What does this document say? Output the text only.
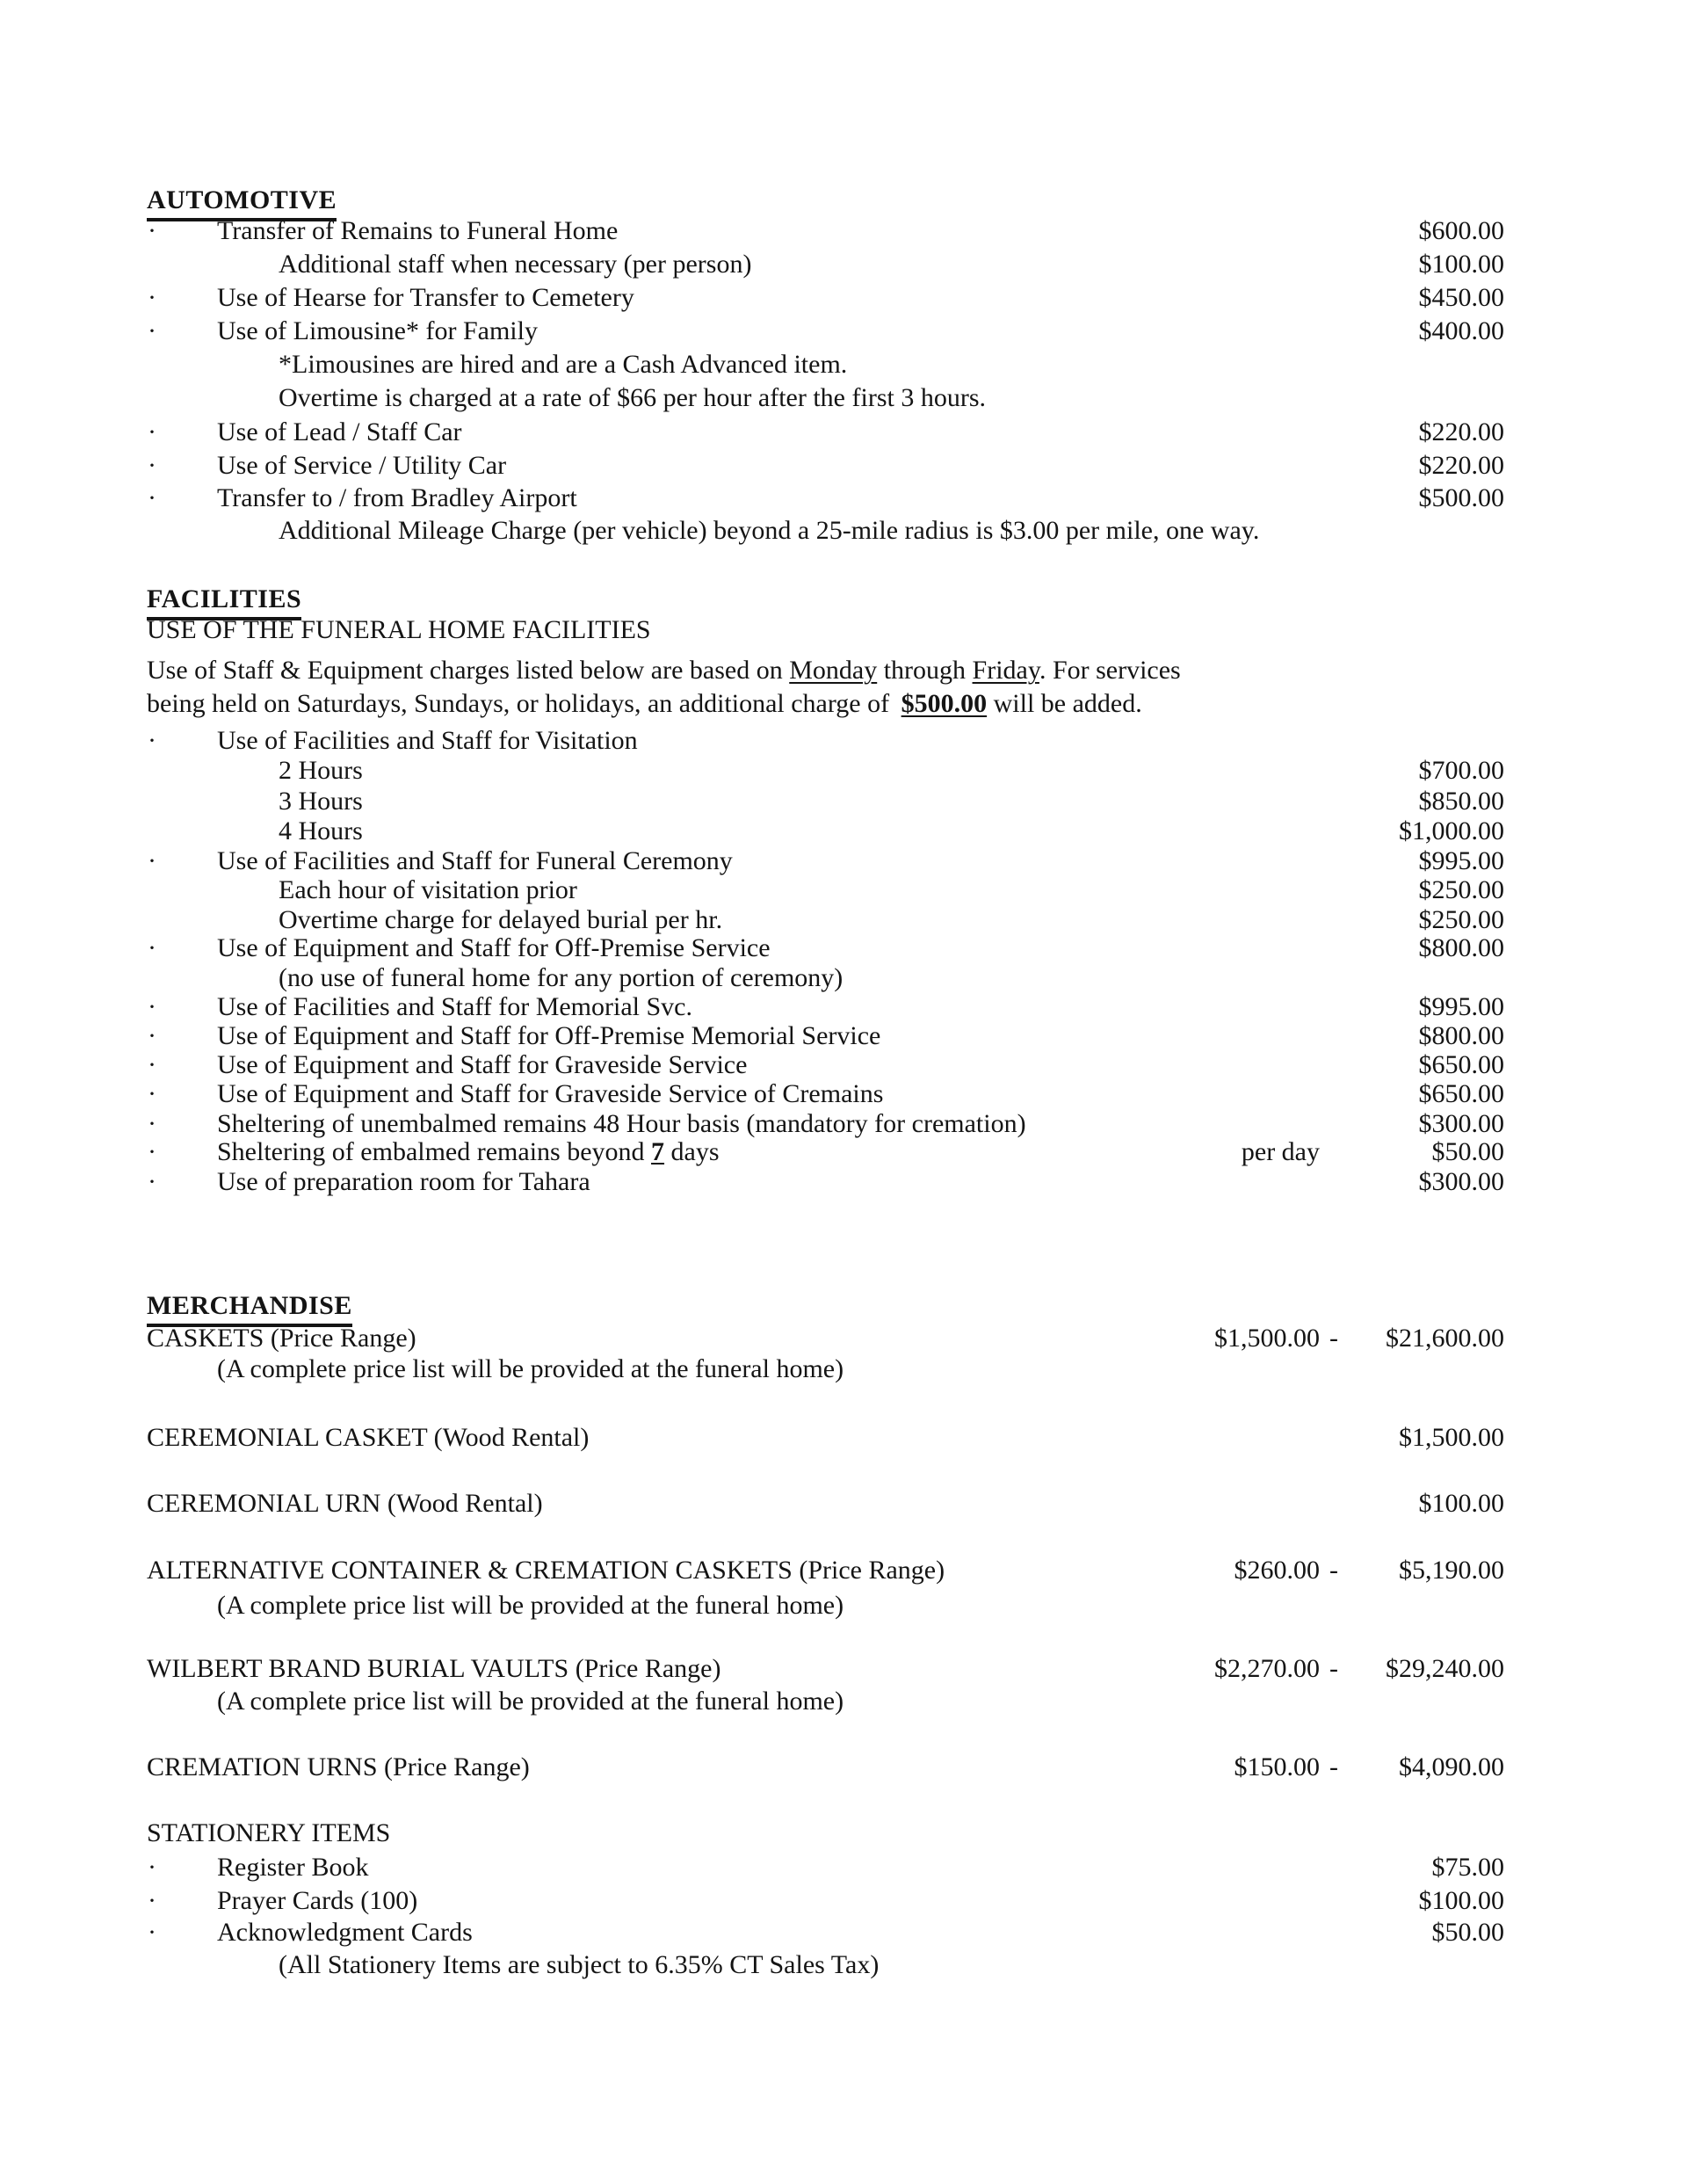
AUTOMOTIVE
· Transfer of Remains to Funeral Home	$600.00
Additional staff when necessary (per person)	$100.00
· Use of Hearse for Transfer to Cemetery	$450.00
· Use of Limousine* for Family	$400.00
*Limousines are hired and are a Cash Advanced item.
Overtime is charged at a rate of $66 per hour after the first 3 hours.
· Use of Lead / Staff Car	$220.00
· Use of Service / Utility Car	$220.00
· Transfer to / from Bradley Airport	$500.00
Additional Mileage Charge (per vehicle) beyond a 25-mile radius is $3.00 per mile, one way.
FACILITIES
USE OF THE FUNERAL HOME FACILITIES
Use of Staff & Equipment charges listed below are based on Monday through Friday. For services
being held on Saturdays, Sundays, or holidays, an additional charge of $500.00 will be added.
· Use of Facilities and Staff for Visitation
2 Hours	$700.00
3 Hours	$850.00
4 Hours	$1,000.00
· Use of Facilities and Staff for Funeral Ceremony	$995.00
Each hour of visitation prior	$250.00
Overtime charge for delayed burial per hr.	$250.00
· Use of Equipment and Staff for Off-Premise Service	$800.00
(no use of funeral home for any portion of ceremony)
· Use of Facilities and Staff for Memorial Svc.	$995.00
· Use of Equipment and Staff for Off-Premise Memorial Service	$800.00
· Use of Equipment and Staff for Graveside Service	$650.00
· Use of Equipment and Staff for Graveside Service of Cremains	$650.00
· Sheltering of unembalmed remains 48 Hour basis (mandatory for cremation)	$300.00
· Sheltering of embalmed remains beyond 7 days	per day	$50.00
· Use of preparation room for Tahara	$300.00
MERCHANDISE
CASKETS (Price Range)	$1,500.00 - $21,600.00
(A complete price list will be provided at the funeral home)
CEREMONIAL CASKET (Wood Rental)	$1,500.00
CEREMONIAL URN (Wood Rental)	$100.00
ALTERNATIVE CONTAINER & CREMATION CASKETS (Price Range)	$260.00 - $5,190.00
(A complete price list will be provided at the funeral home)
WILBERT BRAND BURIAL VAULTS (Price Range)	$2,270.00 - $29,240.00
(A complete price list will be provided at the funeral home)
CREMATION URNS (Price Range)	$150.00 - $4,090.00
STATIONERY ITEMS
· Register Book	$75.00
· Prayer Cards (100)	$100.00
· Acknowledgment Cards	$50.00
(All Stationery Items are subject to 6.35% CT Sales Tax)
